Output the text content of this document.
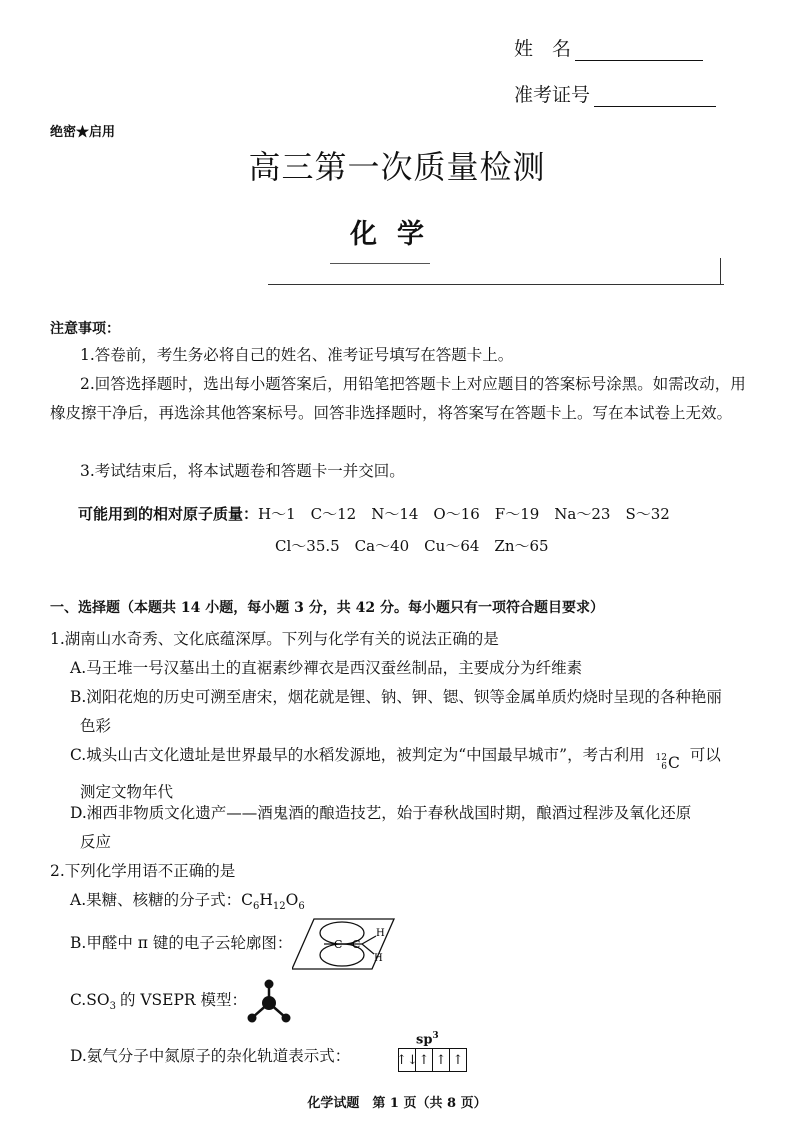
姓　名
准考证号
绝密★启用
高三第一次质量检测
化学
注意事项：
1.答卷前，考生务必将自己的姓名、准考证号填写在答题卡上。
2.回答选择题时，选出每小题答案后，用铅笔把答题卡上对应题目的答案标号涂黑。如需改动，用橡皮擦干净后，再选涂其他答案标号。回答非选择题时，将答案写在答题卡上。写在本试卷上无效。
3.考试结束后，将本试题卷和答题卡一并交回。
可能用到的相对原子质量：H～1　C～12　N～14　O～16　F～19　Na～23　S～32
Cl～35.5　Ca～40　Cu～64　Zn～65
一、选择题（本题共 14 小题，每小题 3 分，共 42 分。每小题只有一项符合题目要求）
1.湖南山水奇秀、文化底蕴深厚。下列与化学有关的说法正确的是
A.马王堆一号汉墓出土的直裾素纱襌衣是西汉蚕丝制品，主要成分为纤维素
B.浏阳花炮的历史可溯至唐宋，烟花就是锂、钠、钾、锶、钡等金属单质灼烧时呈现的各种艳丽
色彩
C.城头山古文化遗址是世界最早的水稻发源地，被判定为“中国最早城市”，考古利用 12
6 C 可以
测定文物年代
D.湘西非物质文化遗产——酒鬼酒的酿造技艺，始于春秋战国时期，酿酒过程涉及氧化还原
反应
2.下列化学用语不正确的是
A.果糖、核糖的分子式：$C_6H_{12}O_6$
B.甲醛中 π 键的电子云轮廓图：	C C
H
H
$C.SO_3$ 的 VSEPR 模型：
D.氨气分子中氮原子的杂化轨道表示式：
$sp^3$
↑↓ ↑ ↑ ↑
化学试题　第 1 页（共 8 页）
